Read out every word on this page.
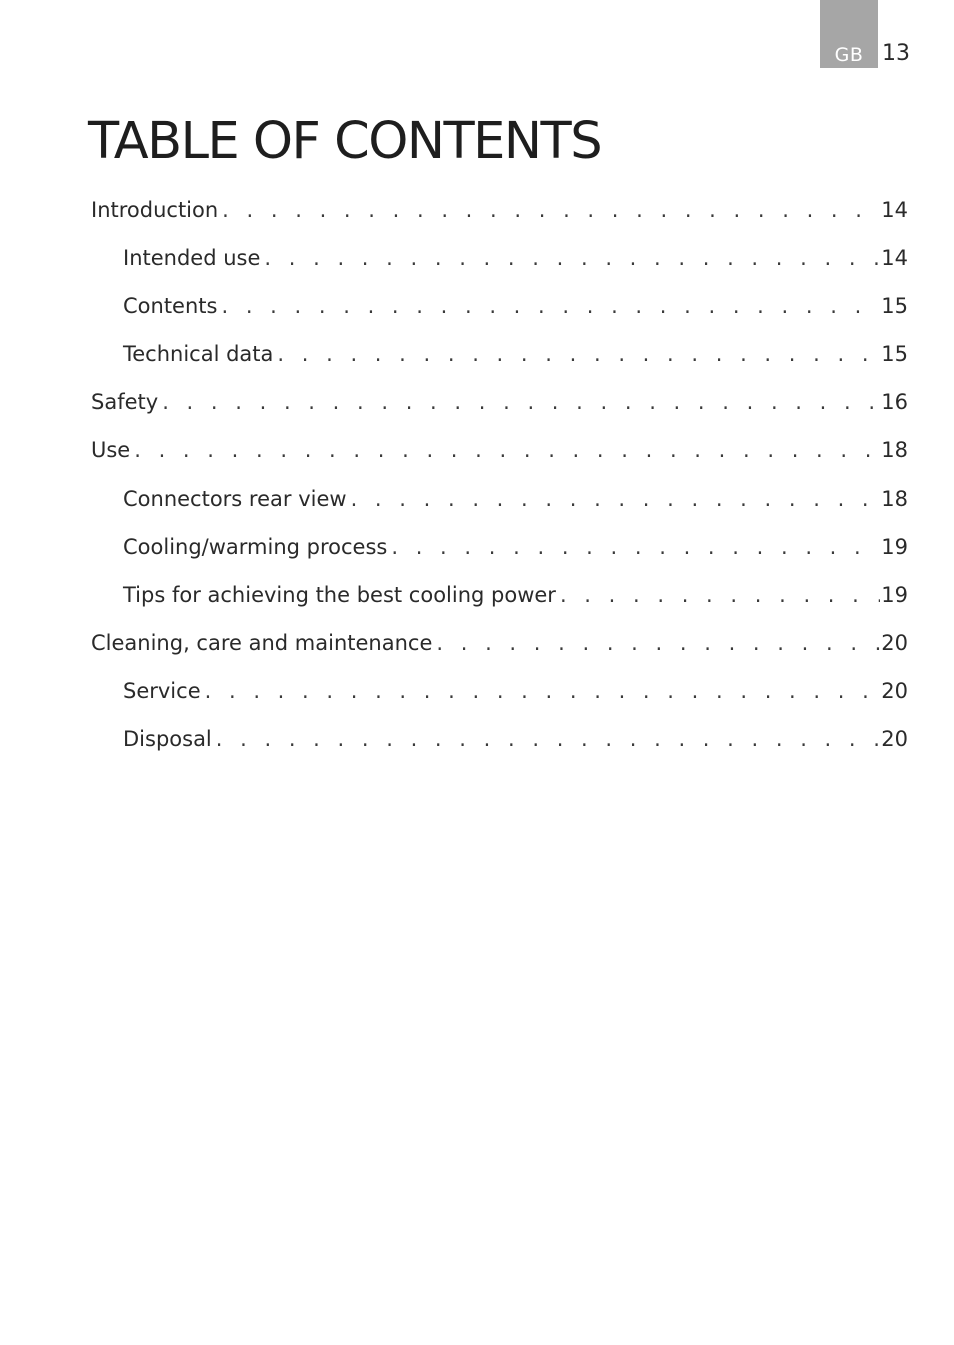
GB 13
TABLE OF CONTENTS
Introduction . . .	14
Intended use . . .	14
Contents . . .	15
Technical data . . .	15
Safety . . .	16
Use . . .	18
Connectors rear view . . .	18
Cooling/warming process . . .	19
Tips for achieving the best cooling power . . .	19
Cleaning, care and maintenance . . .	20
Service . . .	20
Disposal . . .	20
